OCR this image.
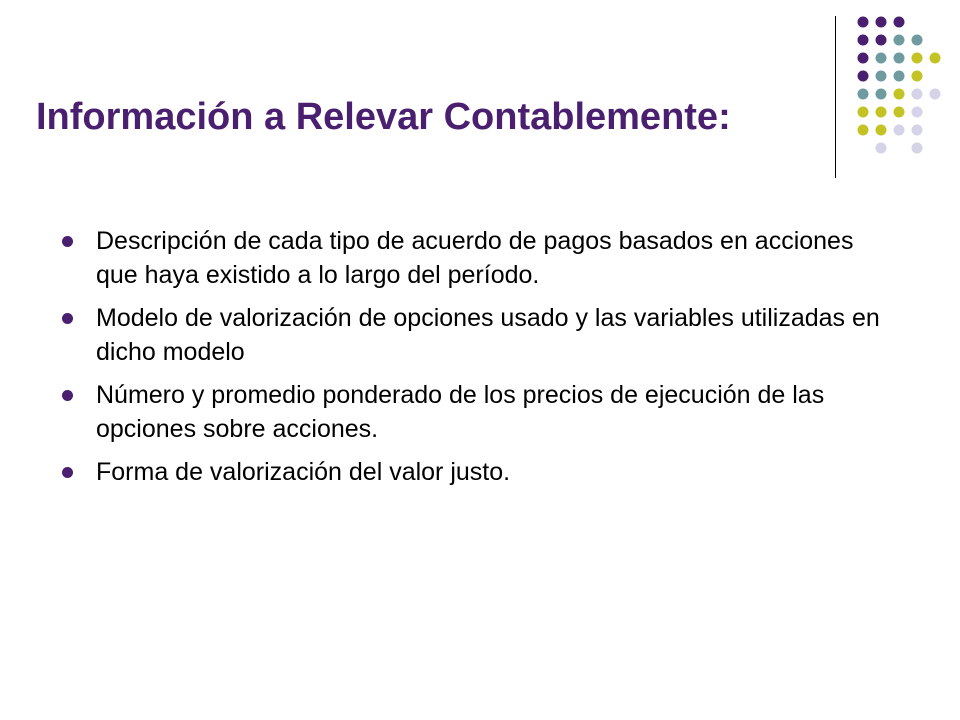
Información a Relevar Contablemente:
Descripción de cada tipo de acuerdo de pagos basados en acciones que haya existido a lo largo del período.
Modelo de valorización de opciones usado y las variables utilizadas en dicho modelo
Número y promedio ponderado de los precios de ejecución de las opciones sobre acciones.
Forma de valorización del valor justo.
